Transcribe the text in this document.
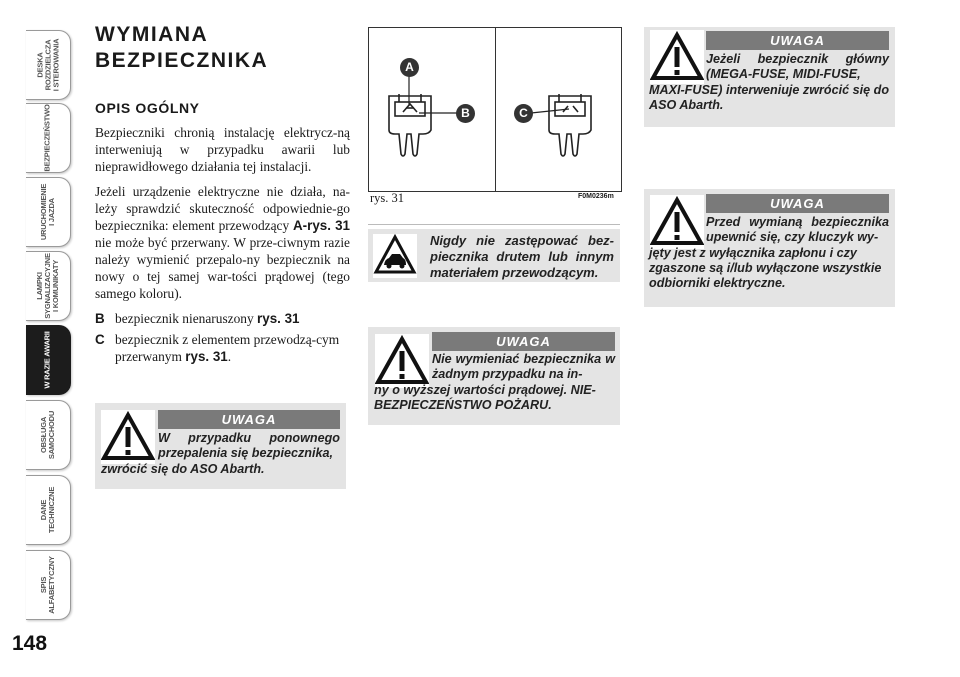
DESKA
ROZDZIELCZA
I STEROWANIA
BEZPIECZEŃSTWO
URUCHOMIENIE
I JAZDA
LAMPKI
SYGNALIZACYJNE
I KOMUNIKATY
W RAZIE AWARII
OBSŁUGA
SAMOCHODU
DANE
TECHNICZNE
SPIS
ALFABETYCZNY
148
WYMIANA
BEZPIECZNIKA
OPIS OGÓLNY

Bezpieczniki chronią instalację elektrycz-ną interweniują w przypadku awarii lub nieprawidłowego działania tej instalacji.

Jeżeli urządzenie elektryczne nie działa, na-leży sprawdzić skuteczność odpowiednie-go bezpiecznika: element przewodzący A-rys. 31 nie może być przerwany. W prze-ciwnym razie należy wymienić przepalo-ny bezpiecznik na nowy o tej samej war-tości prądowej (tego samego koloru).

B bezpiecznik nienaruszony rys. 31
C bezpiecznik z elementem przewodzą-cym przerwanym rys. 31.
UWAGA
W przypadku ponownego przepalenia się bezpiecznika,
zwrócić się do ASO Abarth.
A
B	C
rys. 31	F0M0236m
Nigdy nie zastępować bez-piecznika drutem lub innym materiałem przewodzącym.
UWAGA
Nie wymieniać bezpiecznika w żadnym przypadku na in-
ny o wyższej wartości prądowej. NIE-BEZPIECZEŃSTWO POŻARU.
UWAGA
Jeżeli bezpiecznik główny (MEGA-FUSE, MIDI-FUSE,
MAXI-FUSE) interweniuje zwrócić się do ASO Abarth.
UWAGA
Przed wymianą bezpiecznika upewnić się, czy kluczyk wy-
jęty jest z wyłącznika zapłonu i czy zgaszone są i/lub wyłączone wszystkie odbiorniki elektryczne.
